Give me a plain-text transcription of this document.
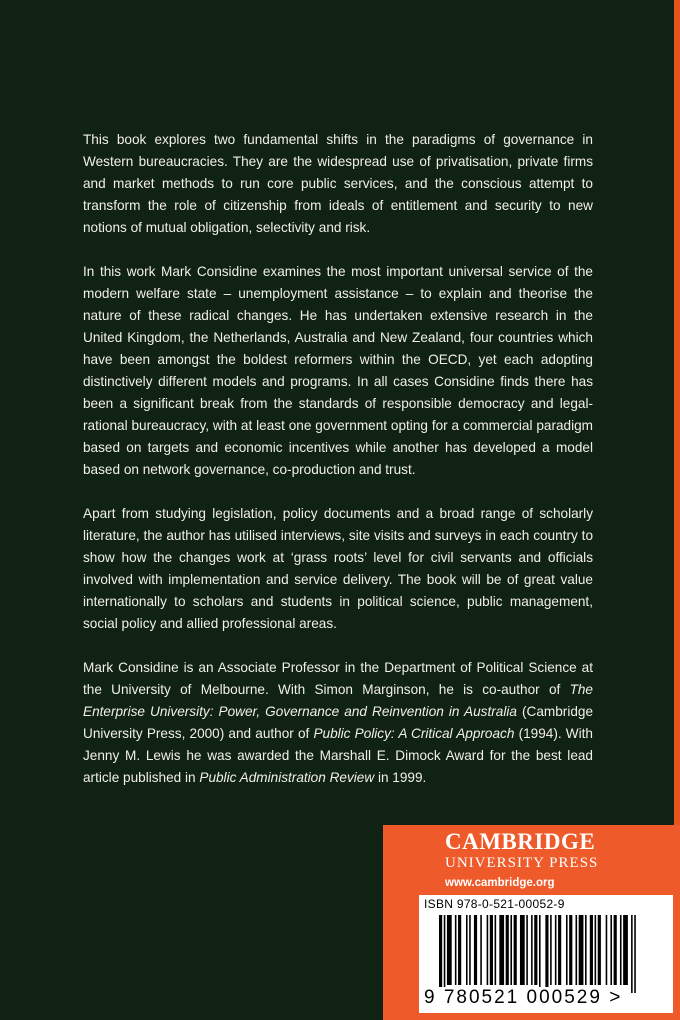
This book explores two fundamental shifts in the paradigms of governance in Western bureaucracies. They are the widespread use of privatisation, private firms and market methods to run core public services, and the conscious attempt to transform the role of citizenship from ideals of entitlement and security to new notions of mutual obligation, selectivity and risk.

In this work Mark Considine examines the most important universal service of the modern welfare state – unemployment assistance – to explain and theorise the nature of these radical changes. He has undertaken extensive research in the United Kingdom, the Netherlands, Australia and New Zealand, four countries which have been amongst the boldest reformers within the OECD, yet each adopting distinctively different models and programs. In all cases Considine finds there has been a significant break from the standards of responsible democracy and legal-rational bureaucracy, with at least one government opting for a commercial paradigm based on targets and economic incentives while another has developed a model based on network governance, co-production and trust.

Apart from studying legislation, policy documents and a broad range of scholarly literature, the author has utilised interviews, site visits and surveys in each country to show how the changes work at ‘grass roots’ level for civil servants and officials involved with implementation and service delivery. The book will be of great value internationally to scholars and students in political science, public management, social policy and allied professional areas.

Mark Considine is an Associate Professor in the Department of Political Science at the University of Melbourne. With Simon Marginson, he is co-author of The Enterprise University: Power, Governance and Reinvention in Australia (Cambridge University Press, 2000) and author of Public Policy: A Critical Approach (1994). With Jenny M. Lewis he was awarded the Marshall E. Dimock Award for the best lead article published in Public Administration Review in 1999.

CAMBRIDGE
UNIVERSITY PRESS
www.cambridge.org
ISBN 978-0-521-00052-9
9 780521 000529 >
